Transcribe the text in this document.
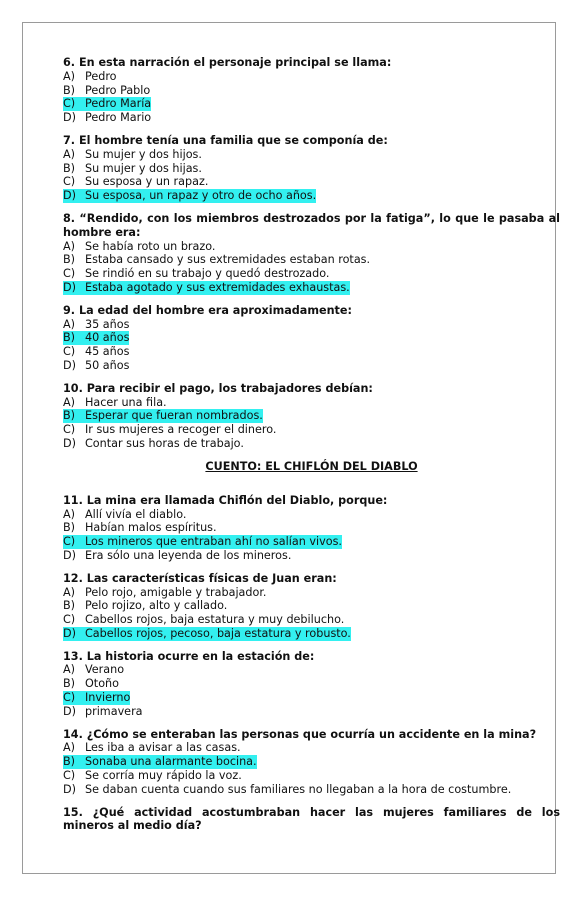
6. En esta narración el personaje principal se llama:
A) Pedro
B) Pedro Pablo
C) Pedro María
D) Pedro Mario
7. El hombre tenía una familia que se componía de:
A) Su mujer y dos hijos.
B) Su mujer y dos hijas.
C) Su esposa y un rapaz.
D) Su esposa, un rapaz y otro de ocho años.
8. “Rendido, con los miembros destrozados por la fatiga”, lo que le pasaba al hombre era:
A) Se había roto un brazo.
B) Estaba cansado y sus extremidades estaban rotas.
C) Se rindió en su trabajo y quedó destrozado.
D) Estaba agotado y sus extremidades exhaustas.
9. La edad del hombre era aproximadamente:
A) 35 años
B) 40 años
C) 45 años
D) 50 años
10. Para recibir el pago, los trabajadores debían:
A) Hacer una fila.
B) Esperar que fueran nombrados.
C) Ir sus mujeres a recoger el dinero.
D) Contar sus horas de trabajo.
CUENTO: EL CHIFLÓN DEL DIABLO
11. La mina era llamada Chiflón del Diablo, porque:
A) Allí vivía el diablo.
B) Habían malos espíritus.
C) Los mineros que entraban ahí no salían vivos.
D) Era sólo una leyenda de los mineros.
12. Las características físicas de Juan eran:
A) Pelo rojo, amigable y trabajador.
B) Pelo rojizo, alto y callado.
C) Cabellos rojos, baja estatura y muy debilucho.
D) Cabellos rojos, pecoso, baja estatura y robusto.
13. La historia ocurre en la estación de:
A) Verano
B) Otoño
C) Invierno
D) primavera
14. ¿Cómo se enteraban las personas que ocurría un accidente en la mina?
A) Les iba a avisar a las casas.
B) Sonaba una alarmante bocina.
C) Se corría muy rápido la voz.
D) Se daban cuenta cuando sus familiares no llegaban a la hora de costumbre.
15. ¿Qué actividad acostumbraban hacer las mujeres familiares de los mineros al medio día?
